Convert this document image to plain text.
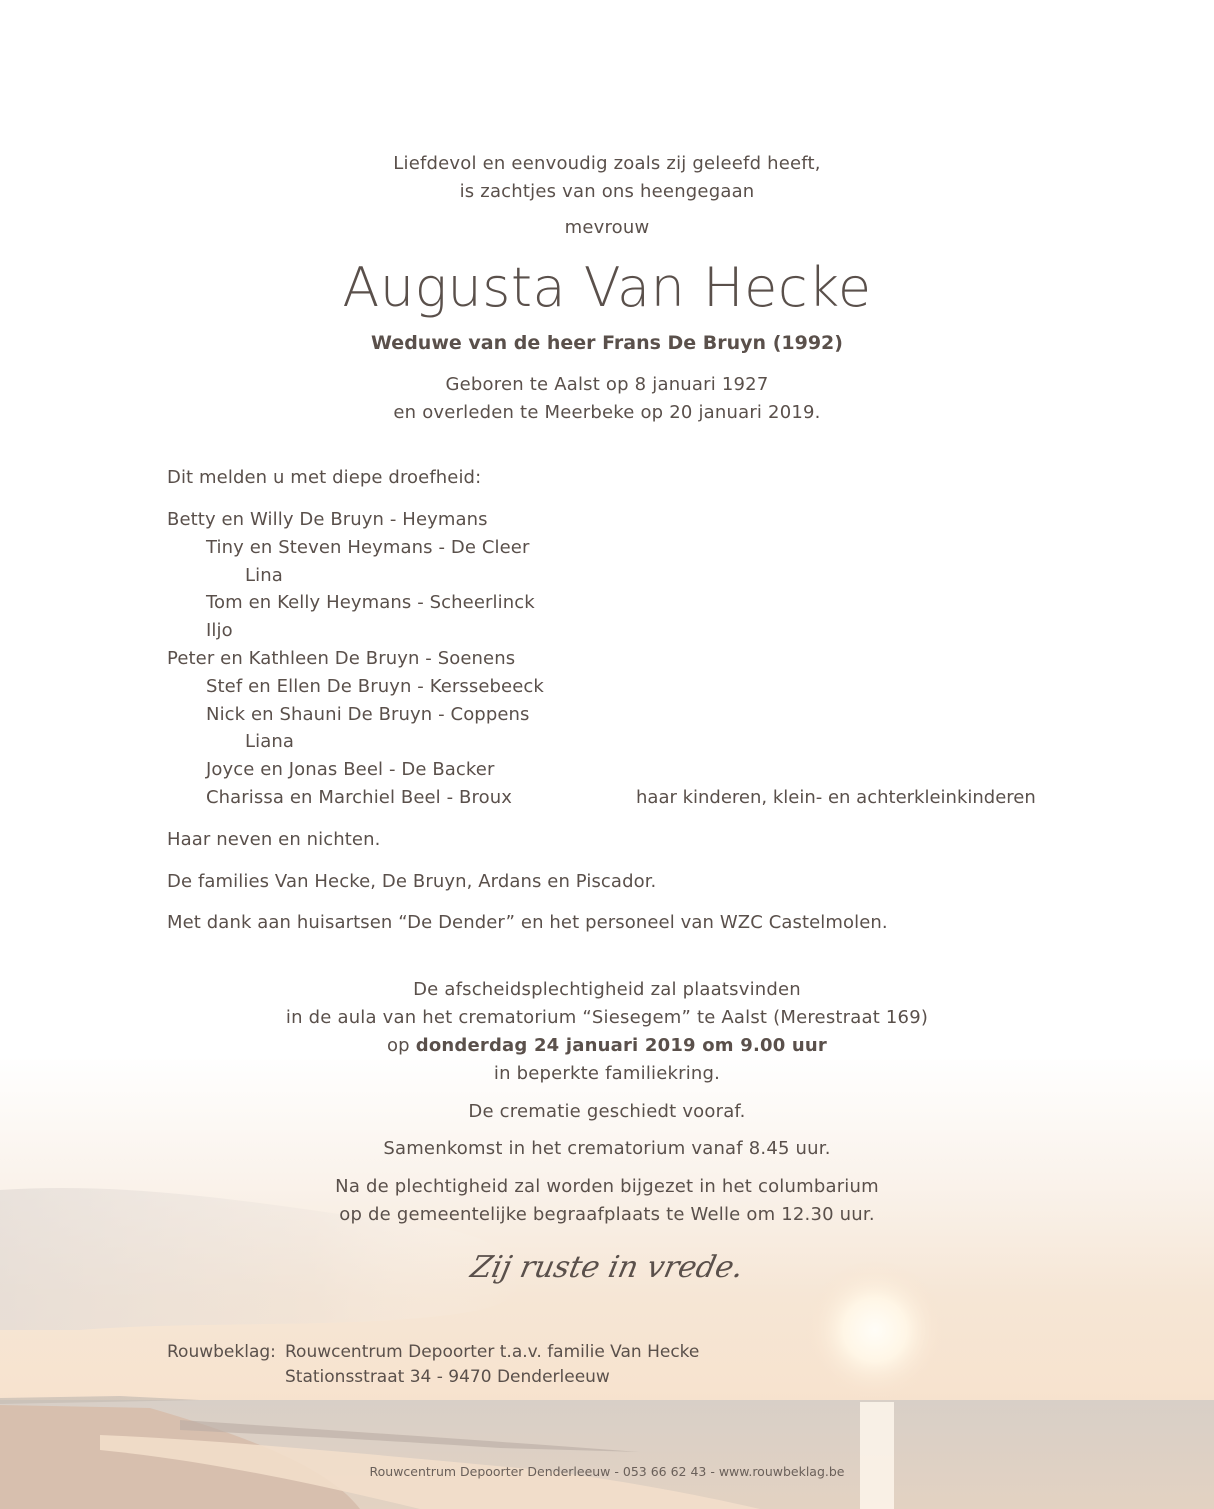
Liefdevol en eenvoudig zoals zij geleefd heeft,
is zachtjes van ons heengegaan
mevrouw
Augusta Van Hecke
Weduwe van de heer Frans De Bruyn (1992)
Geboren te Aalst op 8 januari 1927
en overleden te Meerbeke op 20 januari 2019.
Dit melden u met diepe droefheid:
Betty en Willy De Bruyn - Heymans
Tiny en Steven Heymans - De Cleer
Lina
Tom en Kelly Heymans - Scheerlinck
Iljo
Peter en Kathleen De Bruyn - Soenens
Stef en Ellen De Bruyn - Kerssebeeck
Nick en Shauni De Bruyn - Coppens
Liana
Joyce en Jonas Beel - De Backer
Charissa en Marchiel Beel - Broux	haar kinderen, klein- en achterkleinkinderen
Haar neven en nichten.
De families Van Hecke, De Bruyn, Ardans en Piscador.
Met dank aan huisartsen “De Dender” en het personeel van WZC Castelmolen.
De afscheidsplechtigheid zal plaatsvinden
in de aula van het crematorium “Siesegem” te Aalst (Merestraat 169)
op donderdag 24 januari 2019 om 9.00 uur
in beperkte familiekring.
De crematie geschiedt vooraf.
Samenkomst in het crematorium vanaf 8.45 uur.
Na de plechtigheid zal worden bijgezet in het columbarium
op de gemeentelijke begraafplaats te Welle om 12.30 uur.
Zij ruste in vrede.
Rouwbeklag: Rouwcentrum Depoorter t.a.v. familie Van Hecke
Stationsstraat 34 - 9470 Denderleeuw
Rouwcentrum Depoorter Denderleeuw - 053 66 62 43 - www.rouwbeklag.be
